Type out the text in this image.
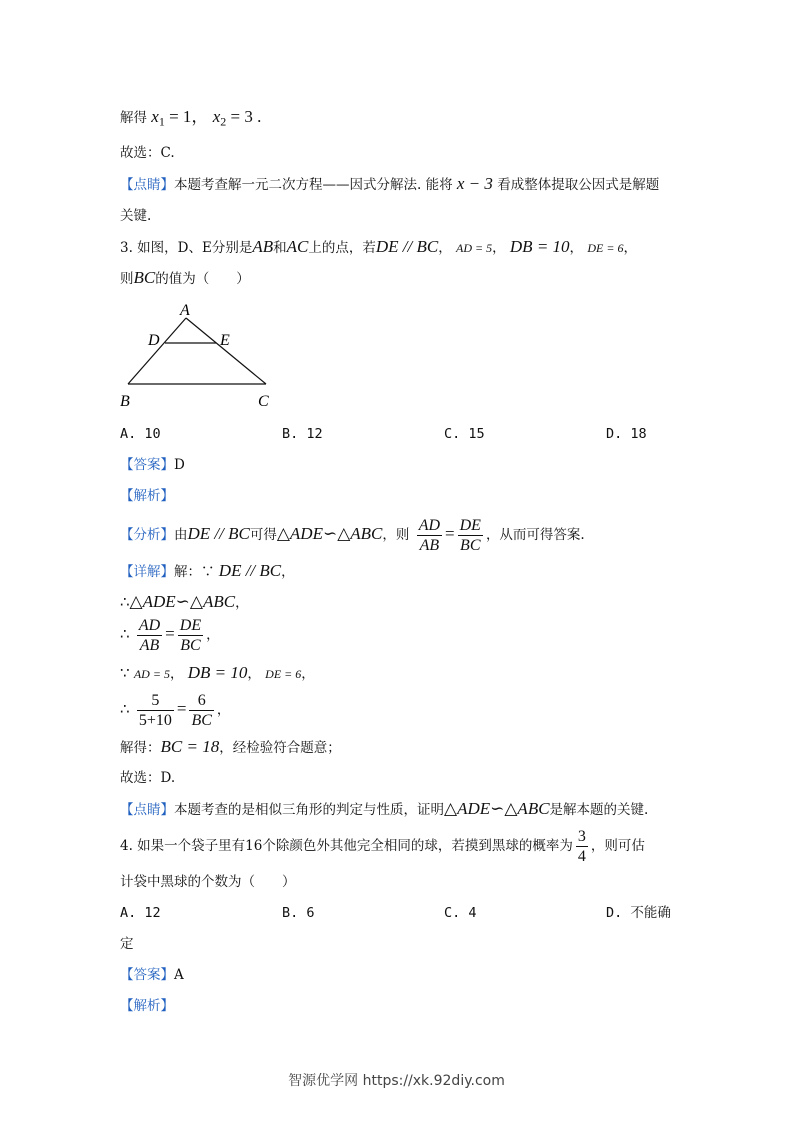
解得 $x_1 = 1$， $x_2 = 3$ .
故选：C.
【点睛】本题考查解一元二次方程——因式分解法. 能将 x − 3 看成整体提取公因式是解题
关键.
3. 如图，D、E分别是AB和AC上的点，若DE // BC， AD = 5， DB = 10， DE = 6，
则BC的值为（　　）
A
D	E
B	C
A. 10	B. 12	C. 15	D. 18
【答案】D
【解析】
【分析】由DE // BC可得△ADE∽△ABC，则 $\frac{AD}{AB} = \frac{DE}{BC}$ ，从而可得答案.
【详解】解：∵ DE // BC，
∴△ADE∽△ABC，
∴ $\frac{AD}{AB} = \frac{DE}{BC}$ ，
∵ AD = 5， DB = 10， DE = 6，
∴ $\frac{5}{5+10} = \frac{6}{BC}$ ，
解得：BC = 18，经检验符合题意；
故选：D.
【点睛】本题考查的是相似三角形的判定与性质，证明△ADE∽△ABC是解本题的关键.
4. 如果一个袋子里有16个除颜色外其他完全相同的球，若摸到黑球的概率为 $\frac{3}{4}$ ，则可估
计袋中黑球的个数为（　　）
A. 12	B. 6	C. 4	D. 不能确
定
【答案】A
【解析】
智源优学网 https://xk.92diy.com
